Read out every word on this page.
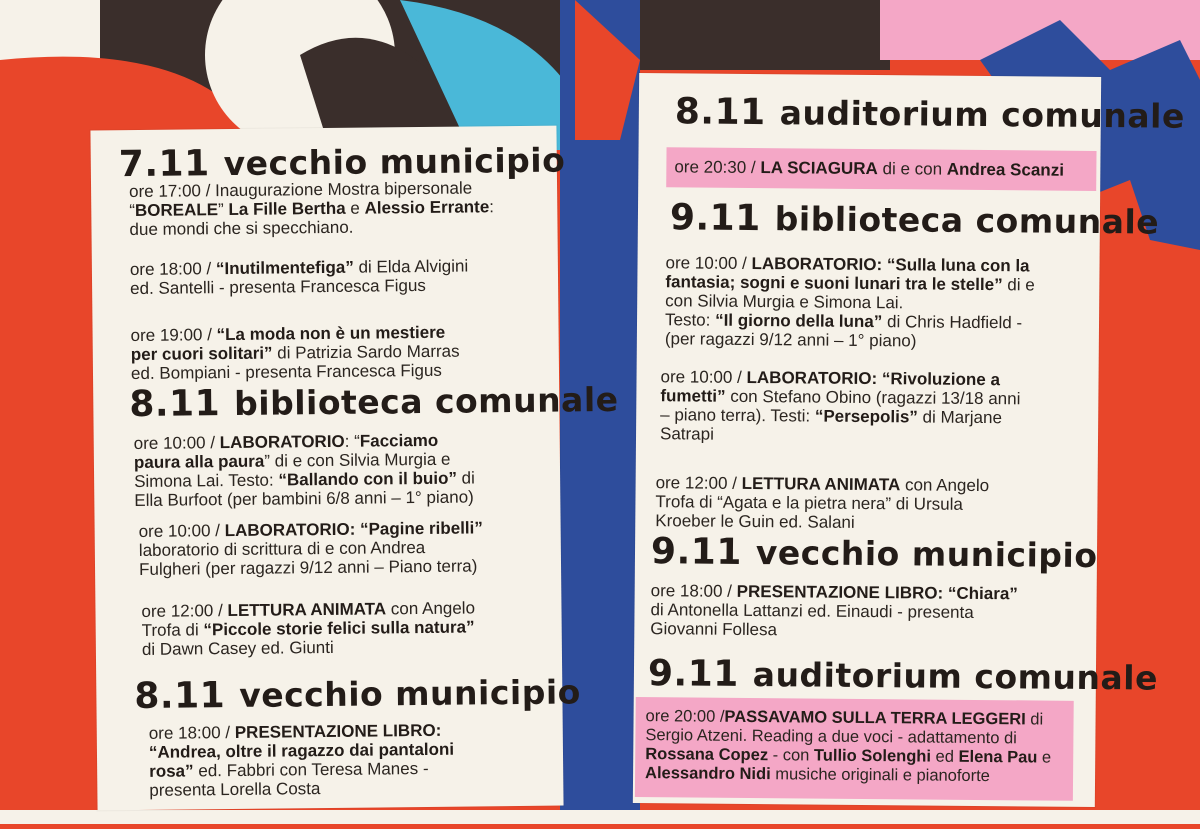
7.11 vecchio municipio
ore 17:00 / Inaugurazione Mostra bipersonale
“BOREALE” La Fille Bertha e Alessio Errante:
due mondi che si specchiano.
ore 18:00 / “Inutilmentefiga” di Elda Alvigini
ed. Santelli - presenta Francesca Figus
ore 19:00 / “La moda non è un mestiere
per cuori solitari” di Patrizia Sardo Marras
ed. Bompiani - presenta Francesca Figus
8.11 biblioteca comunale
ore 10:00 / LABORATORIO: “Facciamo
paura alla paura” di e con Silvia Murgia e
Simona Lai. Testo: “Ballando con il buio” di
Ella Burfoot (per bambini 6/8 anni – 1° piano)
ore 10:00 / LABORATORIO: “Pagine ribelli”
laboratorio di scrittura di e con Andrea
Fulgheri (per ragazzi 9/12 anni – Piano terra)
ore 12:00 / LETTURA ANIMATA con Angelo
Trofa di “Piccole storie felici sulla natura”
di Dawn Casey ed. Giunti
8.11 vecchio municipio
ore 18:00 / PRESENTAZIONE LIBRO:
“Andrea, oltre il ragazzo dai pantaloni
rosa” ed. Fabbri con Teresa Manes -
presenta Lorella Costa
8.11 auditorium comunale
ore 20:30 / LA SCIAGURA di e con Andrea Scanzi
9.11 biblioteca comunale
ore 10:00 / LABORATORIO: “Sulla luna con la
fantasia; sogni e suoni lunari tra le stelle” di e
con Silvia Murgia e Simona Lai.
Testo: “Il giorno della luna” di Chris Hadfield -
(per ragazzi 9/12 anni – 1° piano)
ore 10:00 / LABORATORIO: “Rivoluzione a
fumetti” con Stefano Obino (ragazzi 13/18 anni
– piano terra). Testi: “Persepolis” di Marjane
Satrapi
ore 12:00 / LETTURA ANIMATA con Angelo
Trofa di “Agata e la pietra nera” di Ursula
Kroeber le Guin ed. Salani
9.11 vecchio municipio
ore 18:00 / PRESENTAZIONE LIBRO: “Chiara”
di Antonella Lattanzi ed. Einaudi - presenta
Giovanni Follesa
9.11 auditorium comunale
ore 20:00 /PASSAVAMO SULLA TERRA LEGGERI di
Sergio Atzeni. Reading a due voci - adattamento di
Rossana Copez - con Tullio Solenghi ed Elena Pau e
Alessandro Nidi musiche originali e pianoforte
